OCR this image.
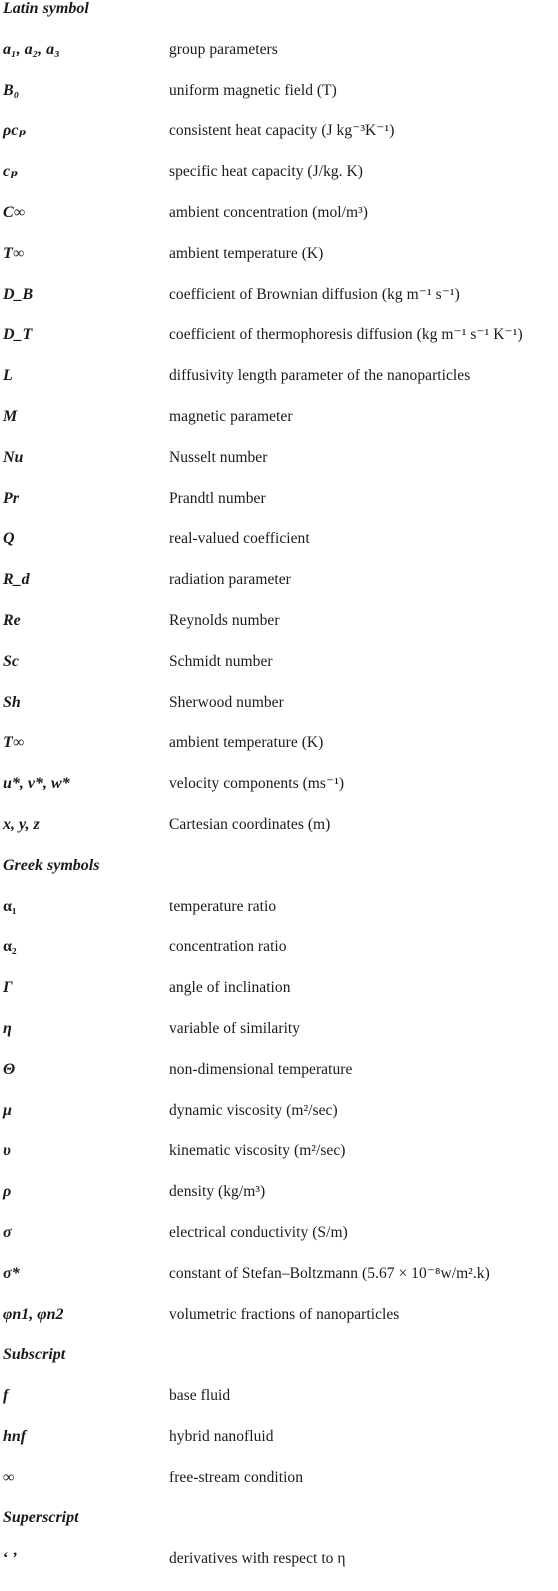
Latin symbol
a₁, a₂, a₃	group parameters
B₀	uniform magnetic field (T)
ρcₚ	consistent heat capacity (J kg⁻³K⁻¹)
cₚ	specific heat capacity (J/kg. K)
C∞	ambient concentration (mol/m³)
T∞	ambient temperature (K)
D_B	coefficient of Brownian diffusion (kg m⁻¹ s⁻¹)
D_T	coefficient of thermophoresis diffusion (kg m⁻¹ s⁻¹ K⁻¹)
L	diffusivity length parameter of the nanoparticles
M	magnetic parameter
Nu	Nusselt number
Pr	Prandtl number
Q	real-valued coefficient
R_d	radiation parameter
Re	Reynolds number
Sc	Schmidt number
Sh	Sherwood number
T∞	ambient temperature (K)
u*, v*, w*	velocity components (ms⁻¹)
x, y, z	Cartesian coordinates (m)
Greek symbols
α₁	temperature ratio
α₂	concentration ratio
Γ	angle of inclination
η	variable of similarity
Θ	non-dimensional temperature
μ	dynamic viscosity (m²/sec)
υ	kinematic viscosity (m²/sec)
ρ	density (kg/m³)
σ	electrical conductivity (S/m)
σ*	constant of Stefan–Boltzmann (5.67 × 10⁻⁸w/m².k)
φn1, φn2	volumetric fractions of nanoparticles
Subscript
f	base fluid
hnf	hybrid nanofluid
∞	free-stream condition
Superscript
‘ ’	derivatives with respect to η
